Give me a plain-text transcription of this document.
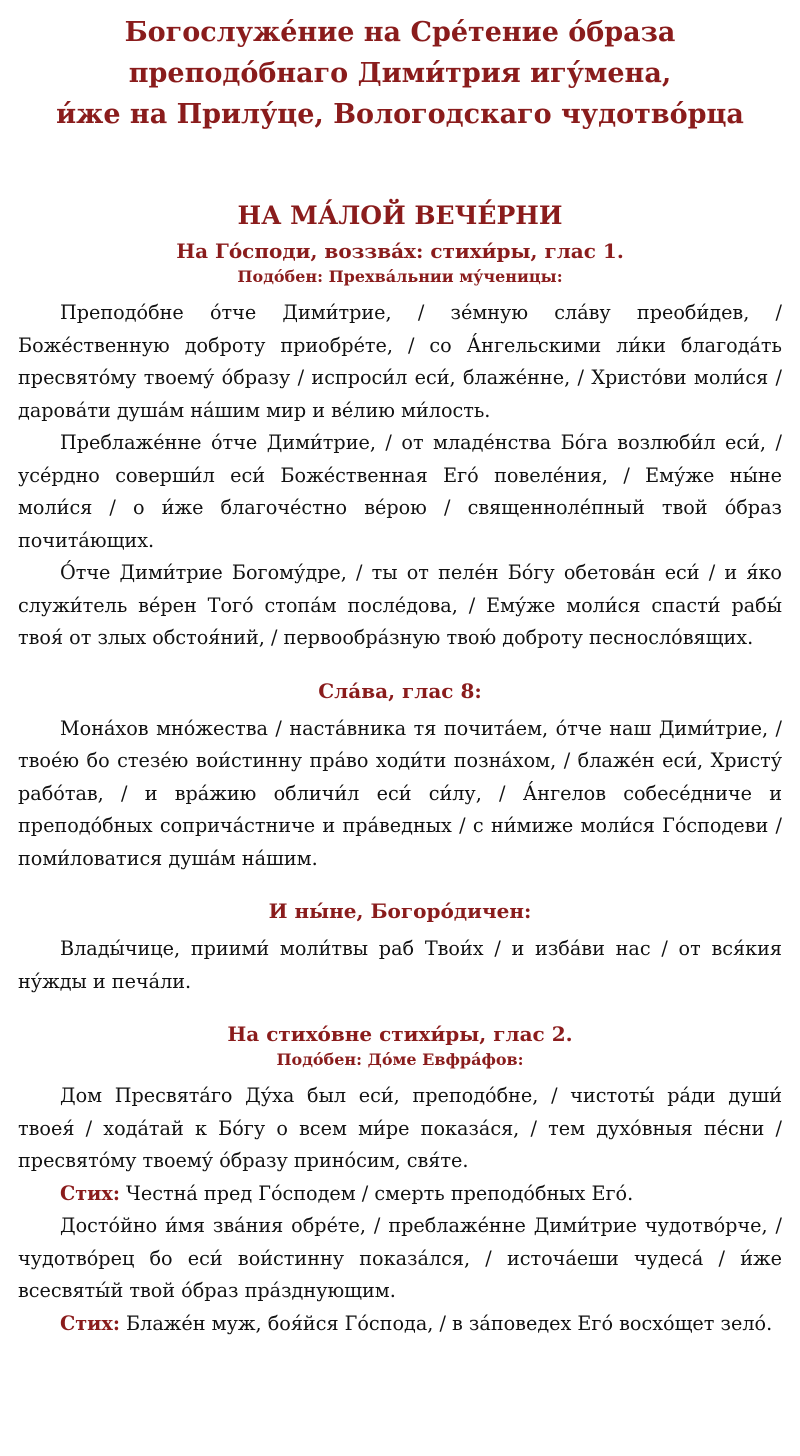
Богослуже́ние на Сре́тение о́браза
преподо́бнаго Дими́трия игу́мена,
и́же на Прилу́це, Вологодскаго чудотво́рца
НА МА́ЛОЙ ВЕЧЕ́РНИ
На Го́споди, воззва́х: стихи́ры, глас 1.
Подо́бен: Прехва́льнии му́ченицы:

Преподо́бне о́тче Дими́трие, / зе́мную сла́ву преоби́дев, / Боже́ственную доброту приобре́те, / со А́нгельскими ли́ки благода́ть пресвято́му твоему́ о́бразу / испроси́л еси́, блаже́нне, / Христо́ви моли́ся / дарова́ти душа́м на́шим мир и ве́лию ми́лость.

Преблаже́нне о́тче Дими́трие, / от младе́нства Бо́га возлюби́л еси́, / усе́рдно соверши́л еси́ Боже́ственная Его́ повеле́ния, / Ему́же ны́не моли́ся / о и́же благоче́стно ве́рою / священноле́пный твой о́браз почита́ющих.

О́тче Дими́трие Богому́дре, / ты от пеле́н Бо́гу обетова́н еси́ / и я́ко служи́тель ве́рен Того́ стопа́м после́дова, / Ему́же моли́ся спасти́ рабы́ твоя́ от злых обстоя́ний, / первообра́зную твою́ доброту песносло́вящих.

Сла́ва, глас 8:

Мона́хов мно́жества / наста́вника тя почита́ем, о́тче наш Дими́трие, / твое́ю бо стезе́ю вои́стинну пра́во ходи́ти позна́хом, / блаже́н еси́, Христу́ рабо́тав, / и вра́жию обличи́л еси́ си́лу, / А́нгелов собесе́дниче и преподо́бных соприча́стниче и пра́ведных / с ни́миже моли́ся Го́сподеви / поми́ловатися душа́м на́шим.

И ны́не, Богоро́дичен:

Влады́чице, приими́ моли́твы раб Твои́х / и изба́ви нас / от вся́кия ну́жды и печа́ли.

На стихо́вне стихи́ры, глас 2.
Подо́бен: До́ме Евфра́фов:

Дом Пресвята́го Ду́ха был еси́, преподо́бне, / чистоты́ ра́ди души́ твоея́ / хода́тай к Бо́гу о всем ми́ре показа́ся, / тем духо́вныя пе́сни / пресвято́му твоему́ о́бразу прино́сим, свя́те.

Стих: Честна́ пред Го́сподем / смерть преподо́бных Его́.

Досто́йно и́мя зва́ния обре́те, / преблаже́нне Дими́трие чудотво́рче, / чудотво́рец бо еси́ вои́стинну показа́лся, / источа́еши чудеса́ / и́же всесвяты́й твой о́браз пра́зднующим.

Стих: Блаже́н муж, боя́йся Го́спода, / в за́поведех Его́ восхо́щет зело́.
